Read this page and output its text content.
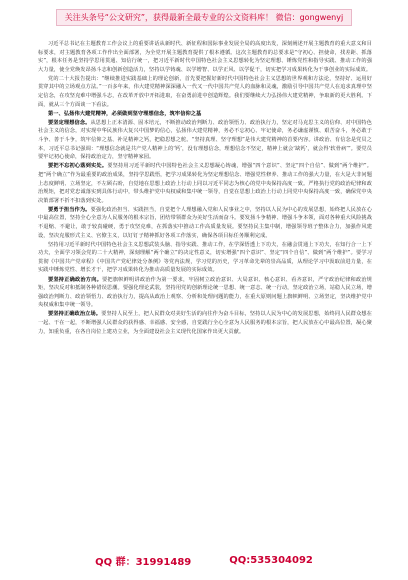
关注头条号“公文研究”，获得最新全最专业的公文资料库！ 微信：gongwenyj

习近平总书记在主题教育工作会议上的重要讲话从新时代、新征程和国际事业发展全局的高度出发，深刻阐述开展主题教育的重大意义和目标要求，对主题教育各项工作作出全面部署，为全党开展主题教育提供了根本遵循。这次主题教育的总要求是“守初心、担使命，找差距、抓落实”，根本任务是坚持学思用贯通、知信行统一，把习近平新时代中国特色社会主义思想转化为坚定理想、锤炼党性和指导实践、推动工作的强大力量，使全党焕发昂扬斗志和创新创造活力，坚持以学铸魂、以学增智、以学正风、以学促干，切实把学习成果转化为干事创业的实际成效。

党的二十大报告提出：“继续推进实践基础上的理论创新，首先要把握好新时代中国特色社会主义思想的世界观和方法论，坚持好、运用好贯穿其中的立场观点方法。”一百多年来，伟大建党精神深深融入一代又一代中国共产党人的血脉和灵魂，激励引导中国共产党人在追求真理中坚定信念，在攻坚克难中增强斗志，在改革开放中开拓进取，在奋勇前进中创造辉煌。我们要继续大力弘扬伟大建党精神，争取新的更大胜利。下面，就从三个方面谈一下看法。

第一、弘扬伟大建党精神，必须做到坚守理想信念，筑牢信仰之基

要坚定理想信念。从思想上正本清源、固本培元，不断推动政治判断力、政治领悟力、政治执行力，坚定对马克思主义的信仰、对中国特色社会主义的信念，对实现中华民族伟大复兴中国梦的信心，弘扬伟大建党精神，务必不忘初心、牢记使命，务必谦虚谨慎、艰苦奋斗，务必敢于斗争、善于斗争，筑牢信仰之基、补足精神之钙，把稳思想之舵。“坚持真理、坚守理想”是伟大建党精神的首要内容。讲政治、有信念是党员之本，习近平总书记强调：“理想信念就是共产党人精神上的‘钙’，没有理想信念，理想信念不坚定，精神上就会‘缺钙’，就会得‘软骨病’”。要党员要牢记初心使命，保持政治定力，坚守精神家园。

要把不忘初心落到实处。要坚持用习近平新时代中国特色社会主义思想凝心铸魂，增强“四个意识”、坚定“四个自信”、做到“两个维护”。把“两个确立”作为最重要的政治成果，坚持学思践悟，把学习成果转化为坚定理想信念、增强党性修养、推动工作的强大力量，在大是大非问题上态度鲜明、立场坚定，不左顾右盼，自觉地在思想上政治上行动上同以习近平同志为核心的党中央保持高度一致。严格执行党的政治纪律和政治规矩，把对党忠诚落实到具体行动中，带头维护党中央权威和集中统一领导，自觉在思想上政治上行动上同党中央保持高度一致，确保党中央决策部署不折不扣落到实处。

要勇于担当作为。要强化政治担当、实践担当，自觉把个人理想融入党和人民事业之中，坚持以人民为中心的发展思想，始终把人民放在心中最高位置，坚持全心全意为人民服务的根本宗旨，团结带领群众为美好生活而奋斗。要发扬斗争精神、增强斗争本领，面对各种重大风险挑战不退缩、不避让，敢于较真碰硬，勇于攻坚克难，在抓落实中推动工作高质量发展。要坚持民主集中制，增强领导班子整体合力，加强作风建设，坚决克服形式主义、官僚主义，以钉钉子精神抓好各项工作落实，确保各项目标任务顺利完成。

坚持用习近平新时代中国特色社会主义思想武装头脑、指导实践、推动工作，在学深悟透上下功夫，在融会贯通上下功夫，在知行合一上下功夫，全面学习领会党的二十大精神，深刻理解“两个确立”的决定性意义，切实增强“四个意识”、坚定“四个自信”、做到“两个维护”。要学习贯彻《中国共产党章程》《中国共产党纪律处分条例》等党内法规，学习党的历史，学习革命先辈的崇高品质，从理论学习中汲取前进力量，在实践中锤炼党性、增长才干，把学习成果转化为推动高质量发展的实际成效。

要坚持正确政治方向。要把旗帜鲜明讲政治作为第一要求，牢固树立政治意识、大局意识、核心意识、看齐意识，严守政治纪律和政治规矩，坚决反对和抵制各种错误思潮。要强化理论武装，坚持用党的创新理论统一思想、统一意志、统一行动，坚定政治立场，站稳人民立场，增强政治判断力、政治领悟力、政治执行力，提高从政治上观察、分析和处理问题的能力，在重大原则问题上旗帜鲜明、立场坚定，坚决维护党中央权威和集中统一领导。

要坚持正确政治立场。要坚持人民至上，把人民群众对美好生活的向往作为奋斗目标，坚持以人民为中心的发展思想，始终同人民群众想在一起、干在一起，不断增强人民群众的获得感、幸福感、安全感，自觉践行全心全意为人民服务的根本宗旨，把人民放在心中最高位置，凝心聚力，知重负重，在各自岗位上建功立业，为全面建设社会主义现代化国家作出更大贡献。

QQ 群：31991489	QQ:535304092
